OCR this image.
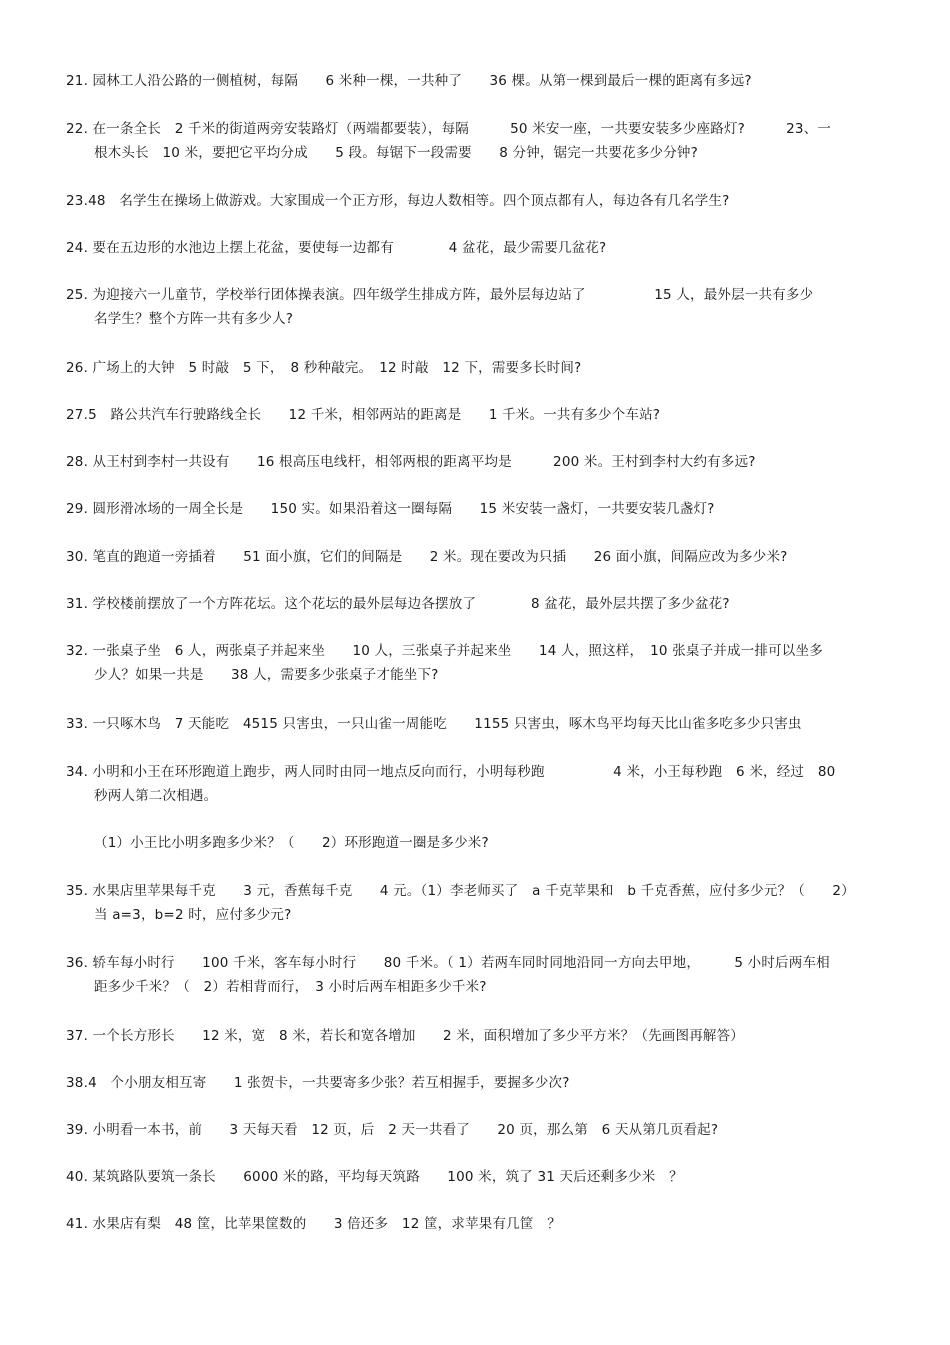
21. 园林工人沿公路的一侧植树，每隔　　6 米种一棵，一共种了　　36 棵。从第一棵到最后一棵的距离有多远?
22. 在一条全长　2 千米的街道两旁安装路灯（两端都要装），每隔　　　50 米安一座，一共要安装多少座路灯?　　　23、一
根木头长　10 米，要把它平均分成　　5 段。每锯下一段需要　　8 分钟，锯完一共要花多少分钟?
23.48　名学生在操场上做游戏。大家围成一个正方形，每边人数相等。四个顶点都有人，每边各有几名学生?
24. 要在五边形的水池边上摆上花盆，要使每一边都有　　　　4 盆花，最少需要几盆花?
25. 为迎接六一儿童节，学校举行团体操表演。四年级学生排成方阵，最外层每边站了　　　　　15 人，最外层一共有多少
名学生？整个方阵一共有多少人?
26. 广场上的大钟　5 时敲　5 下，　8 秒种敲完。　12 时敲　12 下，需要多长时间?
27.5　路公共汽车行驶路线全长　　12 千米，相邻两站的距离是　　1 千米。一共有多少个车站?
28. 从王村到李村一共设有　　16 根高压电线杆，相邻两根的距离平均是　　　200 米。王村到李村大约有多远?
29. 圆形滑冰场的一周全长是　　150 实。如果沿着这一圈每隔　　15 米安装一盏灯，一共要安装几盏灯?
30. 笔直的跑道一旁插着　　51 面小旗，它们的间隔是　　2 米。现在要改为只插　　26 面小旗，间隔应改为多少米?
31. 学校楼前摆放了一个方阵花坛。这个花坛的最外层每边各摆放了　　　　8 盆花，最外层共摆了多少盆花?
32. 一张桌子坐　6 人，两张桌子并起来坐　　10 人，三张桌子并起来坐　　14 人，照这样，　10 张桌子并成一排可以坐多
少人？如果一共是　　38 人，需要多少张桌子才能坐下?
33. 一只啄木鸟　7 天能吃　4515 只害虫，一只山雀一周能吃　　1155 只害虫，啄木鸟平均每天比山雀多吃多少只害虫
34. 小明和小王在环形跑道上跑步，两人同时由同一地点反向而行，小明每秒跑　　　　　4 米，小王每秒跑　6 米，经过　80
秒两人第二次相遇。
（1）小王比小明多跑多少米？（　　2）环形跑道一圈是多少米?
35. 水果店里苹果每千克　　3 元，香蕉每千克　　4 元。（1）李老师买了　a 千克苹果和　b 千克香蕉，应付多少元？（　　2）
当 a=3，b=2 时，应付多少元?
36. 轿车每小时行　　100 千米，客车每小时行　　80 千米。（ 1）若两车同时同地沿同一方向去甲地，　　　5 小时后两车相
距多少千米？（　2）若相背而行，　3 小时后两车相距多少千米?
37. 一个长方形长　　12 米，宽　8 米，若长和宽各增加　　2 米，面积增加了多少平方米？（先画图再解答）
38.4　个小朋友相互寄　　1 张贺卡，一共要寄多少张？若互相握手，要握多少次?
39. 小明看一本书，前　　3 天每天看　12 页，后　2 天一共看了　　20 页，那么第　6 天从第几页看起?
40. 某筑路队要筑一条长　　6000 米的路，平均每天筑路　　100 米，筑了 31 天后还剩多少米　？
41. 水果店有梨　48 筐，比苹果筐数的　　3 倍还多　12 筐，求苹果有几筐　？
